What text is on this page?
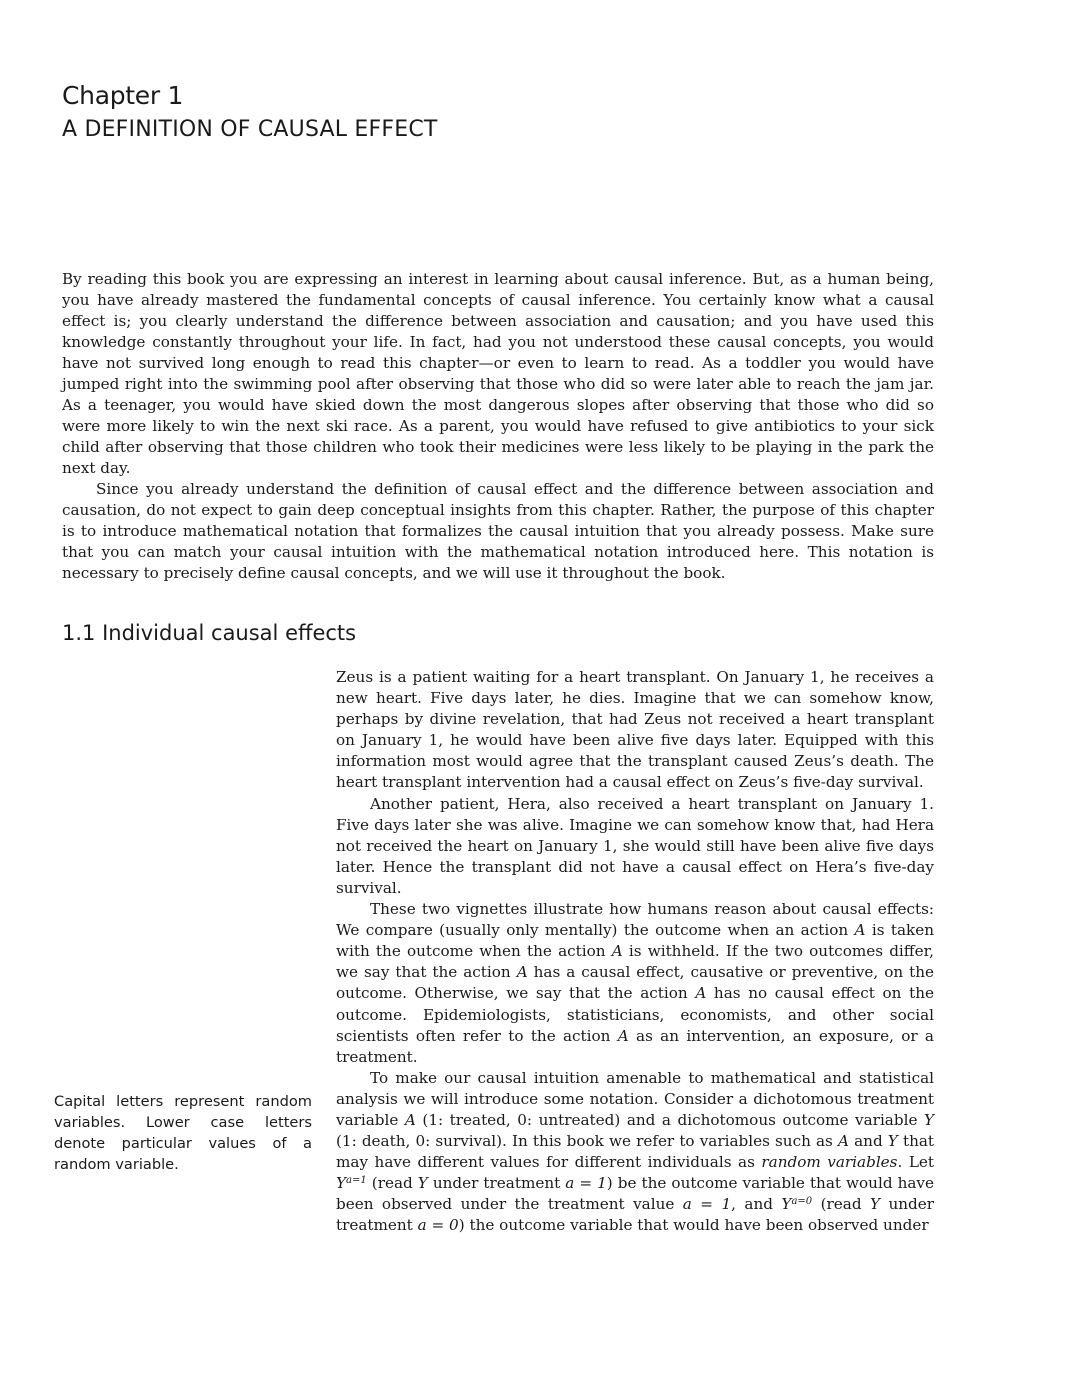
Chapter 1
A DEFINITION OF CAUSAL EFFECT

By reading this book you are expressing an interest in learning about causal inference. But, as a human being, you have already mastered the fundamental concepts of causal inference. You certainly know what a causal effect is; you clearly understand the difference between association and causation; and you have used this knowledge constantly throughout your life. In fact, had you not understood these causal concepts, you would have not survived long enough to read this chapter—or even to learn to read. As a toddler you would have jumped right into the swimming pool after observing that those who did so were later able to reach the jam jar. As a teenager, you would have skied down the most dangerous slopes after observing that those who did so were more likely to win the next ski race. As a parent, you would have refused to give antibiotics to your sick child after observing that those children who took their medicines were less likely to be playing in the park the next day.

Since you already understand the definition of causal effect and the difference between association and causation, do not expect to gain deep conceptual insights from this chapter. Rather, the purpose of this chapter is to introduce mathematical notation that formalizes the causal intuition that you already possess. Make sure that you can match your causal intuition with the mathematical notation introduced here. This notation is necessary to precisely define causal concepts, and we will use it throughout the book.

1.1 Individual causal effects

Zeus is a patient waiting for a heart transplant. On January 1, he receives a new heart. Five days later, he dies. Imagine that we can somehow know, perhaps by divine revelation, that had Zeus not received a heart transplant on January 1, he would have been alive five days later. Equipped with this information most would agree that the transplant caused Zeus’s death. The heart transplant intervention had a causal effect on Zeus’s five-day survival.

Another patient, Hera, also received a heart transplant on January 1. Five days later she was alive. Imagine we can somehow know that, had Hera not received the heart on January 1, she would still have been alive five days later. Hence the transplant did not have a causal effect on Hera’s five-day survival.

These two vignettes illustrate how humans reason about causal effects: We compare (usually only mentally) the outcome when an action A is taken with the outcome when the action A is withheld. If the two outcomes differ, we say that the action A has a causal effect, causative or preventive, on the outcome. Otherwise, we say that the action A has no causal effect on the outcome. Epidemiologists, statisticians, economists, and other social scientists often refer to the action A as an intervention, an exposure, or a treatment.

To make our causal intuition amenable to mathematical and statistical analysis we will introduce some notation. Consider a dichotomous treatment variable A (1: treated, 0: untreated) and a dichotomous outcome variable Y (1: death, 0: survival). In this book we refer to variables such as A and Y that may have different values for different individuals as random variables. Let $Y^{a=1}$ (read Y under treatment a = 1) be the outcome variable that would have been observed under the treatment value a = 1, and $Y^{a=0}$ (read Y under treatment a = 0) the outcome variable that would have been observed under

Capital letters represent random variables. Lower case letters denote particular values of a random variable.
